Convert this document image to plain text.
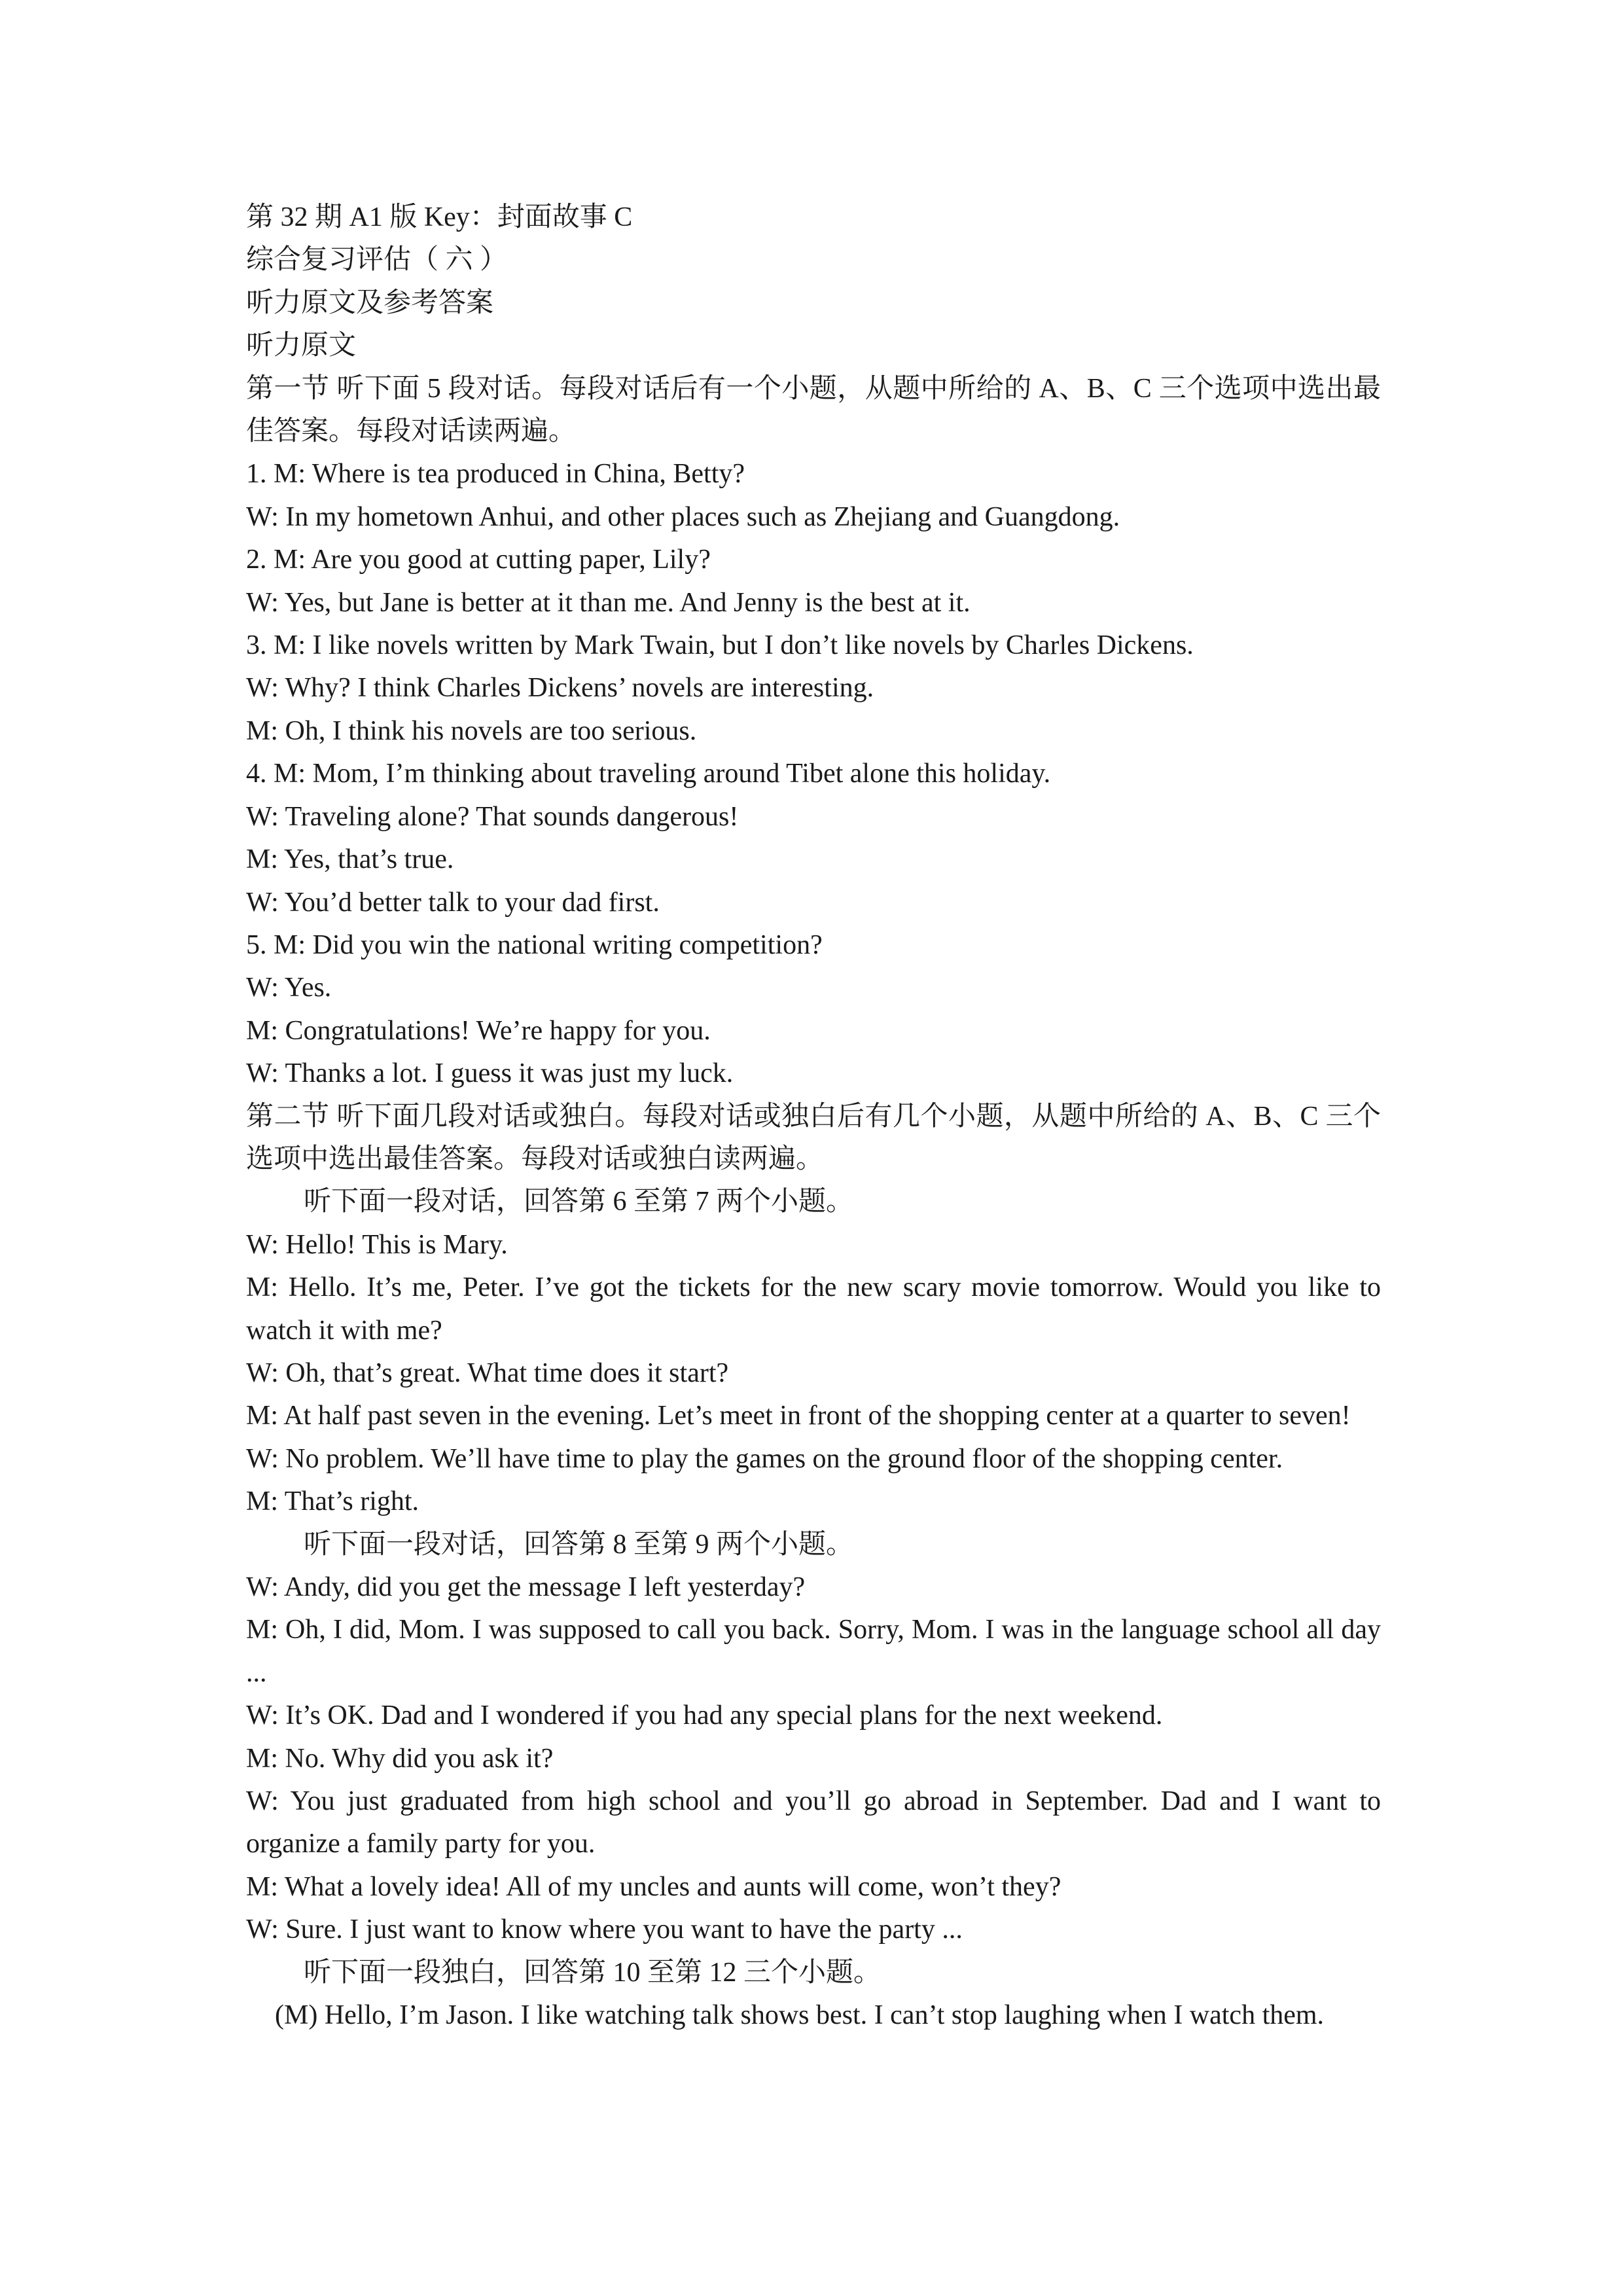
第 32 期 A1 版 Key：封面故事 C

综合复习评估（ 六 ）

听力原文及参考答案

听力原文

第一节 听下面 5 段对话。每段对话后有一个小题，从题中所给的 A、B、C 三个选项中选出最佳答案。每段对话读两遍。

1. M: Where is tea produced in China, Betty?

W: In my hometown Anhui, and other places such as Zhejiang and Guangdong.

2. M: Are you good at cutting paper, Lily?

W: Yes, but Jane is better at it than me. And Jenny is the best at it.

3. M: I like novels written by Mark Twain, but I don’t like novels by Charles Dickens.

W: Why? I think Charles Dickens’ novels are interesting.

M: Oh, I think his novels are too serious.

4. M: Mom, I’m thinking about traveling around Tibet alone this holiday.

W: Traveling alone? That sounds dangerous!

M: Yes, that’s true.

W: You’d better talk to your dad first.

5. M: Did you win the national writing competition?

W: Yes.

M: Congratulations! We’re happy for you.

W: Thanks a lot. I guess it was just my luck.

第二节 听下面几段对话或独白。每段对话或独白后有几个小题，从题中所给的 A、B、C 三个选项中选出最佳答案。每段对话或独白读两遍。

听下面一段对话，回答第 6 至第 7 两个小题。

W: Hello! This is Mary.

M: Hello. It’s me, Peter. I’ve got the tickets for the new scary movie tomorrow. Would you like to watch it with me?

W: Oh, that’s great. What time does it start?

M: At half past seven in the evening. Let’s meet in front of the shopping center at a quarter to seven!

W: No problem. We’ll have time to play the games on the ground floor of the shopping center.

M: That’s right.

听下面一段对话，回答第 8 至第 9 两个小题。

W: Andy, did you get the message I left yesterday?

M: Oh, I did, Mom. I was supposed to call you back. Sorry, Mom. I was in the language school all day ...

W: It’s OK. Dad and I wondered if you had any special plans for the next weekend.

M: No. Why did you ask it?

W: You just graduated from high school and you’ll go abroad in September. Dad and I want to organize a family party for you.

M: What a lovely idea! All of my uncles and aunts will come, won’t they?

W: Sure. I just want to know where you want to have the party ...

听下面一段独白，回答第 10 至第 12 三个小题。

(M) Hello, I’m Jason. I like watching talk shows best. I can’t stop laughing when I watch them.
